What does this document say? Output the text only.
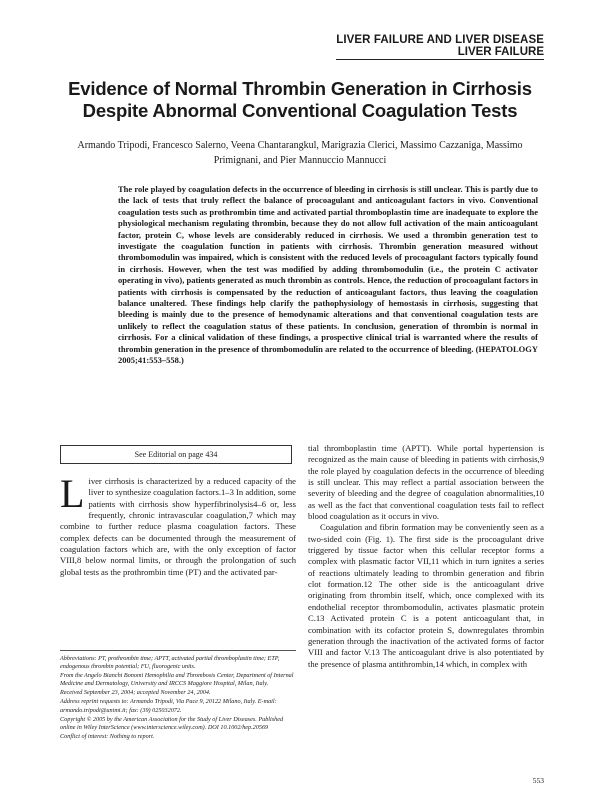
LIVER FAILURE AND LIVER DISEASE
LIVER FAILURE
Evidence of Normal Thrombin Generation in Cirrhosis Despite Abnormal Conventional Coagulation Tests
Armando Tripodi, Francesco Salerno, Veena Chantarangkul, Marigrazia Clerici, Massimo Cazzaniga, Massimo Primignani, and Pier Mannuccio Mannucci
The role played by coagulation defects in the occurrence of bleeding in cirrhosis is still unclear. This is partly due to the lack of tests that truly reflect the balance of procoagulant and anticoagulant factors in vivo. Conventional coagulation tests such as prothrombin time and activated partial thromboplastin time are inadequate to explore the physiological mechanism regulating thrombin, because they do not allow full activation of the main anticoagulant factor, protein C, whose levels are considerably reduced in cirrhosis. We used a thrombin generation test to investigate the coagulation function in patients with cirrhosis. Thrombin generation measured without thrombomodulin was impaired, which is consistent with the reduced levels of procoagulant factors typically found in cirrhosis. However, when the test was modified by adding thrombomodulin (i.e., the protein C activator operating in vivo), patients generated as much thrombin as controls. Hence, the reduction of procoagulant factors in patients with cirrhosis is compensated by the reduction of anticoagulant factors, thus leaving the coagulation balance unaltered. These findings help clarify the pathophysiology of hemostasis in cirrhosis, suggesting that bleeding is mainly due to the presence of hemodynamic alterations and that conventional coagulation tests are unlikely to reflect the coagulation status of these patients. In conclusion, generation of thrombin is normal in cirrhosis. For a clinical validation of these findings, a prospective clinical trial is warranted where the results of thrombin generation in the presence of thrombomodulin are related to the occurrence of bleeding. (HEPATOLOGY 2005;41:553–558.)
See Editorial on page 434

Liver cirrhosis is characterized by a reduced capacity of the liver to synthesize coagulation factors.1–3 In addition, some patients with cirrhosis show hyperfibrinolysis4–6 or, less frequently, chronic intravascular coagulation,7 which may combine to further reduce plasma coagulation factors. These complex defects can be documented through the measurement of coagulation factors which are, with the only exception of factor VIII,8 below normal limits, or through the prolongation of such global tests as the prothrombin time (PT) and the activated par-

tial thromboplastin time (APTT). While portal hypertension is recognized as the main cause of bleeding in patients with cirrhosis,9 the role played by coagulation defects in the occurrence of bleeding is still unclear. This may reflect a partial association between the severity of bleeding and the degree of coagulation abnormalities,10 as well as the fact that conventional coagulation tests fail to reflect blood coagulation as it occurs in vivo.

Coagulation and fibrin formation may be conveniently seen as a two-sided coin (Fig. 1). The first side is the procoagulant drive triggered by tissue factor when this cellular receptor forms a complex with plasmatic factor VII,11 which in turn ignites a series of reactions ultimately leading to thrombin generation and fibrin clot formation.12 The other side is the anticoagulant drive originating from thrombin itself, which, once complexed with its endothelial receptor thrombomodulin, activates plasmatic protein C.13 Activated protein C is a potent anticoagulant that, in combination with its cofactor protein S, downregulates thrombin generation through the inactivation of the activated forms of factor VIII and factor V.13 The anticoagulant drive is also potentiated by the presence of plasma antithrombin,14 which, in complex with

Abbreviations: PT, prothrombin time; APTT, activated partial thromboplastin time; ETP, endogenous thrombin potential; FU, fluorogenic units.
From the Angelo Bianchi Bonomi Hemophilia and Thrombosis Center, Department of Internal Medicine and Dermatology, University and IRCCS Maggiore Hospital, Milan, Italy.
Received September 23, 2004; accepted November 24, 2004.
Address reprint requests to: Armando Tripodi, Via Pace 9, 20122 Milano, Italy. E-mail: armando.tripodi@unimi.it; fax: (39) 025032072.
Copyright © 2005 by the American Association for the Study of Liver Diseases. Published online in Wiley InterScience (www.interscience.wiley.com). DOI 10.1002/hep.20569
Conflict of interest: Nothing to report.
553
